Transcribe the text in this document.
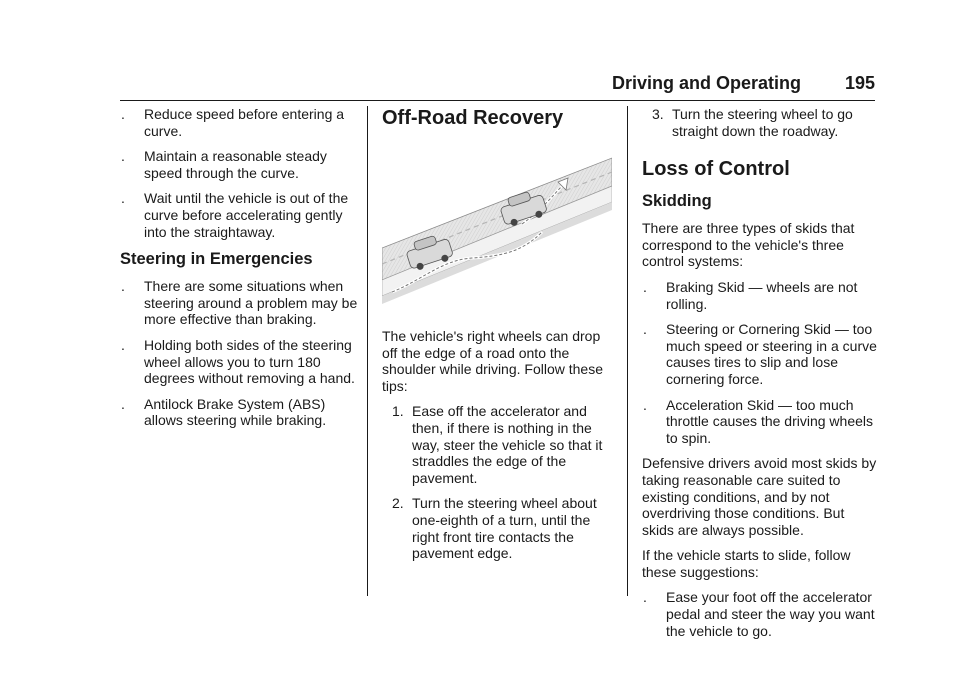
Driving and Operating 195
. Reduce speed before entering a curve.
. Maintain a reasonable steady speed through the curve.
. Wait until the vehicle is out of the curve before accelerating gently into the straightaway.
Steering in Emergencies
. There are some situations when steering around a problem may be more effective than braking.
. Holding both sides of the steering wheel allows you to turn 180 degrees without removing a hand.
. Antilock Brake System (ABS) allows steering while braking.
Off-Road Recovery

The vehicle's right wheels can drop off the edge of a road onto the shoulder while driving. Follow these tips:

1. Ease off the accelerator and then, if there is nothing in the way, steer the vehicle so that it straddles the edge of the pavement.
2. Turn the steering wheel about one-eighth of a turn, until the right front tire contacts the pavement edge.
3. Turn the steering wheel to go straight down the roadway.
Loss of Control
Skidding

There are three types of skids that correspond to the vehicle's three control systems:

. Braking Skid — wheels are not rolling.
. Steering or Cornering Skid — too much speed or steering in a curve causes tires to slip and lose cornering force.
. Acceleration Skid — too much throttle causes the driving wheels to spin.

Defensive drivers avoid most skids by taking reasonable care suited to existing conditions, and by not overdriving those conditions. But skids are always possible.

If the vehicle starts to slide, follow these suggestions:

. Ease your foot off the accelerator pedal and steer the way you want the vehicle to go.
